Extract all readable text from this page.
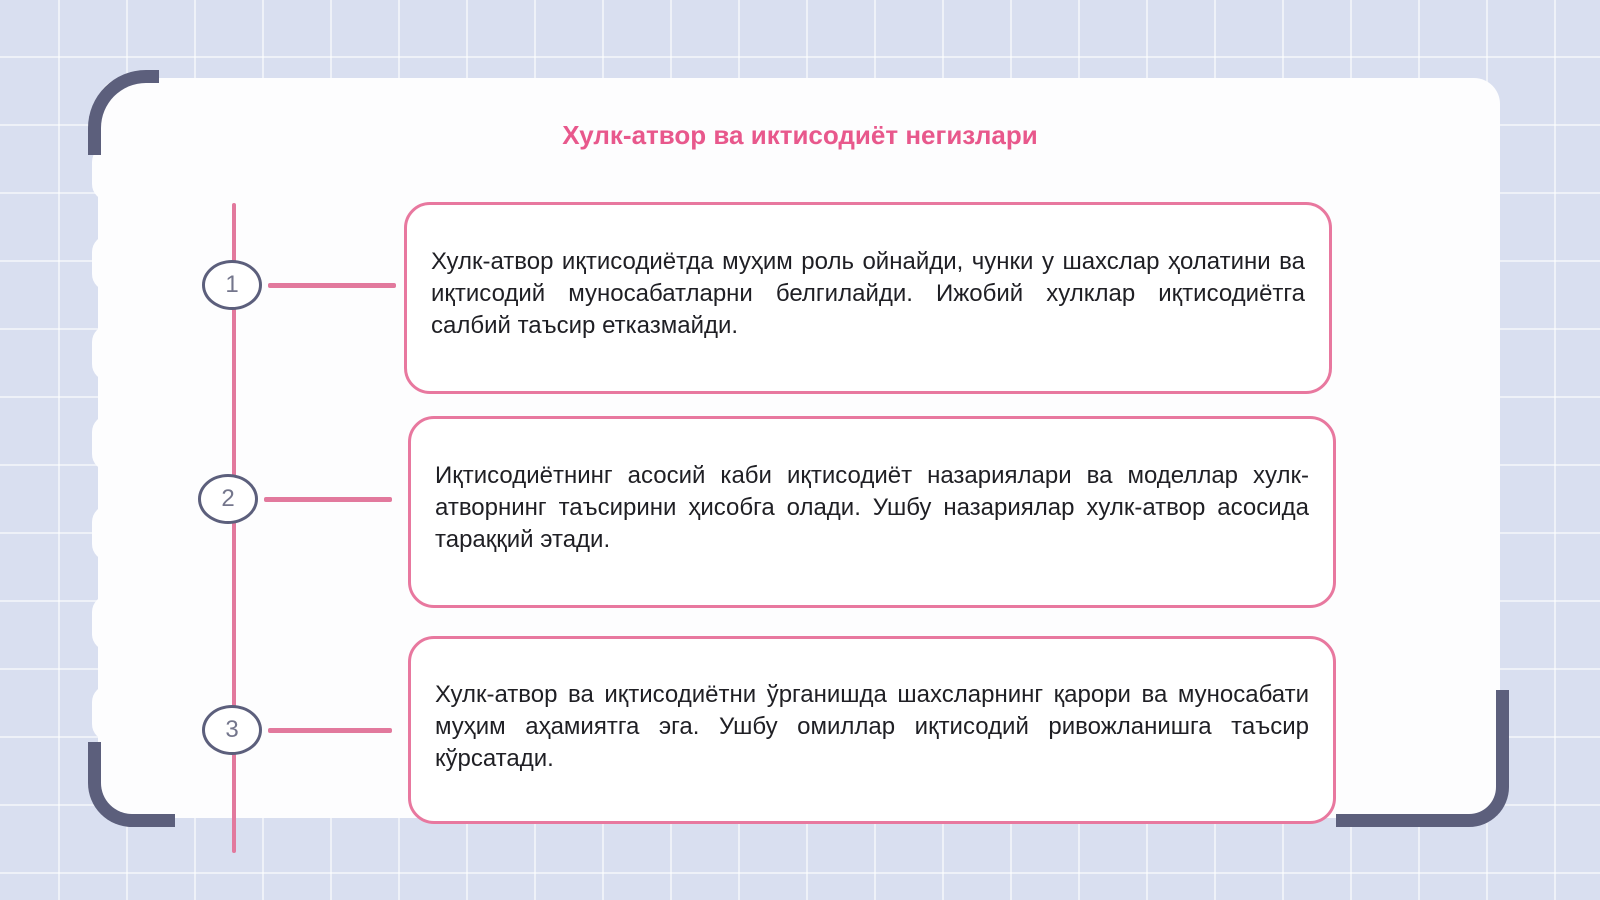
Хулк-атвор ва иктисодиёт негизлари
1

Хулк-атвор иқтисодиётда муҳим роль ойнайди, чунки у шахслар ҳолатини ва иқтисодий муносабатларни белгилайди. Ижобий хулклар иқтисодиётга салбий таъсир етказмайди.

2

Иқтисодиётнинг асосий каби иқтисодиёт назариялари ва моделлар хулк-атворнинг таъсирини ҳисобга олади. Ушбу назариялар хулк-атвор асосида тараққий этади.

3

Хулк-атвор ва иқтисодиётни ўрганишда шахсларнинг қарори ва муносабати муҳим аҳамиятга эга. Ушбу омиллар иқтисодий ривожланишга таъсир кўрсатади.
